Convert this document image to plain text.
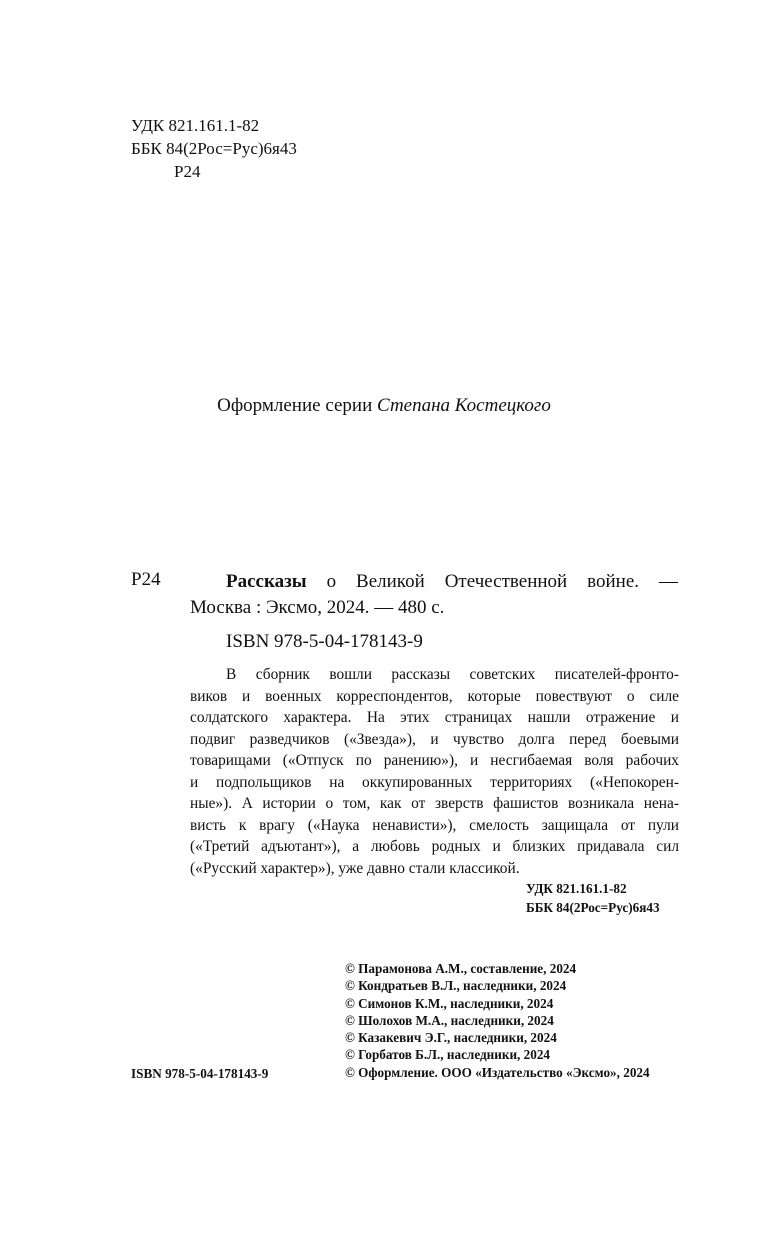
УДК 821.161.1-82
ББК 84(2Рос=Рус)6я43
Р24
Оформление серии Степана Костецкого
Р24	Рассказы о Великой Отечественной войне. —
Москва : Эксмо, 2024. — 480 с.
ISBN 978-5-04-178143-9
В сборник вошли рассказы советских писателей-фронто-
виков и военных корреспондентов, которые повествуют о силе
солдатского характера. На этих страницах нашли отражение и
подвиг разведчиков («Звезда»), и чувство долга перед боевыми
товарищами («Отпуск по ранению»), и несгибаемая воля рабочих
и подпольщиков на оккупированных территориях («Непокорен-
ные»). А истории о том, как от зверств фашистов возникала нена-
висть к врагу («Наука ненависти»), смелость защищала от пули
(«Третий адъютант»), а любовь родных и близких придавала сил
(«Русский характер»), уже давно стали классикой.
УДК 821.161.1-82
ББК 84(2Рос=Рус)6я43
© Парамонова А.М., составление, 2024
© Кондратьев В.Л., наследники, 2024
© Симонов К.М., наследники, 2024
© Шолохов М.А., наследники, 2024
© Казакевич Э.Г., наследники, 2024
© Горбатов Б.Л., наследники, 2024
© Оформление. ООО «Издательство «Эксмо», 2024
ISBN 978-5-04-178143-9
